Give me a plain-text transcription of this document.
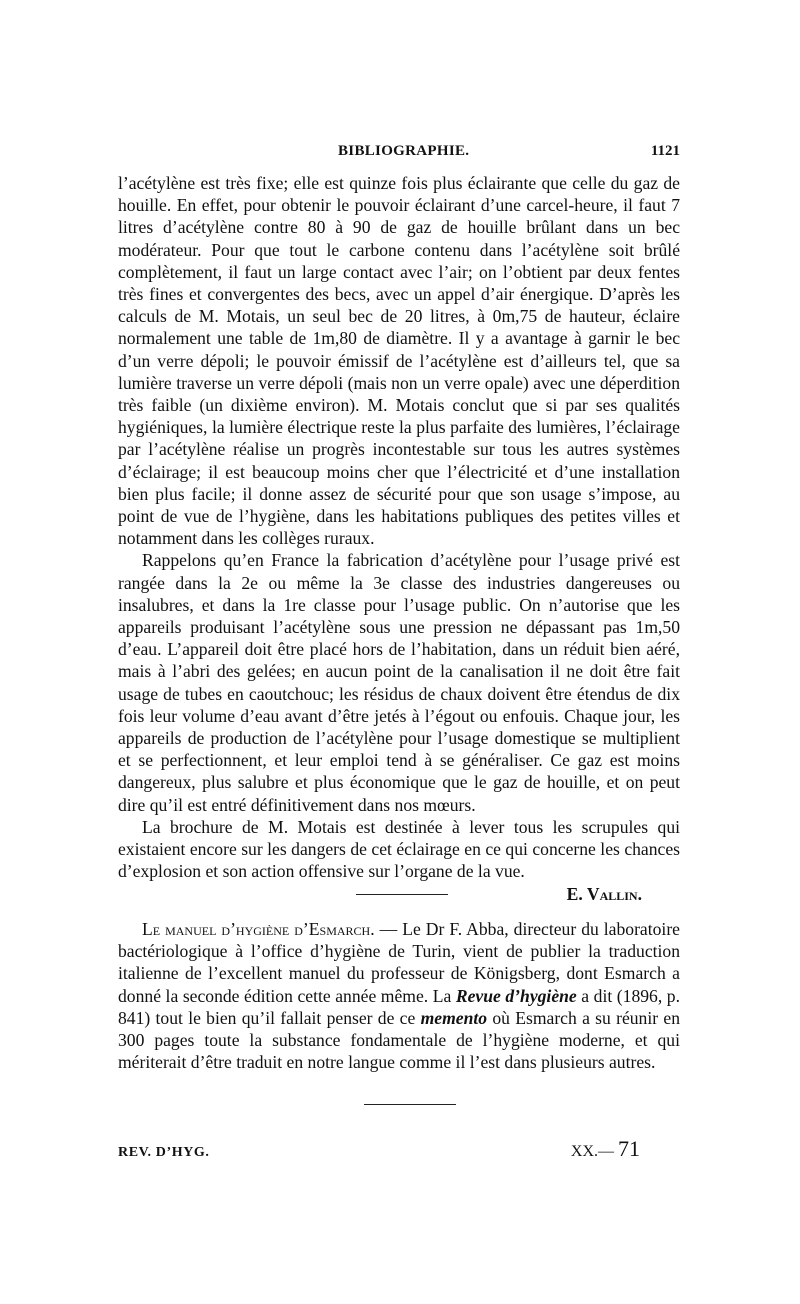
BIBLIOGRAPHIE.	1121

l’acétylène est très fixe; elle est quinze fois plus éclairante que celle du gaz de houille. En effet, pour obtenir le pouvoir éclairant d’une carcel-heure, il faut 7 litres d’acétylène contre 80 à 90 de gaz de houille brûlant dans un bec modérateur. Pour que tout le carbone contenu dans l’acétylène soit brûlé complètement, il faut un large contact avec l’air; on l’obtient par deux fentes très fines et convergentes des becs, avec un appel d’air énergique. D’après les calculs de M. Motais, un seul bec de 20 litres, à 0m,75 de hauteur, éclaire normalement une table de 1m,80 de diamètre. Il y a avantage à garnir le bec d’un verre dépoli; le pouvoir émissif de l’acétylène est d’ailleurs tel, que sa lumière traverse un verre dépoli (mais non un verre opale) avec une déperdition très faible (un dixième environ). M. Motais conclut que si par ses qualités hygiéniques, la lumière électrique reste la plus parfaite des lumières, l’éclairage par l’acétylène réalise un progrès incontestable sur tous les autres systèmes d’éclairage; il est beaucoup moins cher que l’électricité et d’une installation bien plus facile; il donne assez de sécurité pour que son usage s’impose, au point de vue de l’hygiène, dans les habitations publiques des petites villes et notamment dans les collèges ruraux.

Rappelons qu’en France la fabrication d’acétylène pour l’usage privé est rangée dans la 2e ou même la 3e classe des industries dangereuses ou insalubres, et dans la 1re classe pour l’usage public. On n’autorise que les appareils produisant l’acétylène sous une pression ne dépassant pas 1m,50 d’eau. L’appareil doit être placé hors de l’habitation, dans un réduit bien aéré, mais à l’abri des gelées; en aucun point de la canalisation il ne doit être fait usage de tubes en caoutchouc; les résidus de chaux doivent être étendus de dix fois leur volume d’eau avant d’être jetés à l’égout ou enfouis. Chaque jour, les appareils de production de l’acétylène pour l’usage domestique se multiplient et se perfectionnent, et leur emploi tend à se généraliser. Ce gaz est moins dangereux, plus salubre et plus économique que le gaz de houille, et on peut dire qu’il est entré définitivement dans nos mœurs.

La brochure de M. Motais est destinée à lever tous les scrupules qui existaient encore sur les dangers de cet éclairage en ce qui concerne les chances d’explosion et son action offensive sur l’organe de la vue.

E. Vallin.

Le manuel d’hygiène d’Esmarch. — Le Dr F. Abba, directeur du laboratoire bactériologique à l’office d’hygiène de Turin, vient de publier la traduction italienne de l’excellent manuel du professeur de Königsberg, dont Esmarch a donné la seconde édition cette année même. La Revue d’hygiène a dit (1896, p. 841) tout le bien qu’il fallait penser de ce memento où Esmarch a su réunir en 300 pages toute la substance fondamentale de l’hygiène moderne, et qui mériterait d’être traduit en notre langue comme il l’est dans plusieurs autres.

REV. D’HYG.	XX.— 71
